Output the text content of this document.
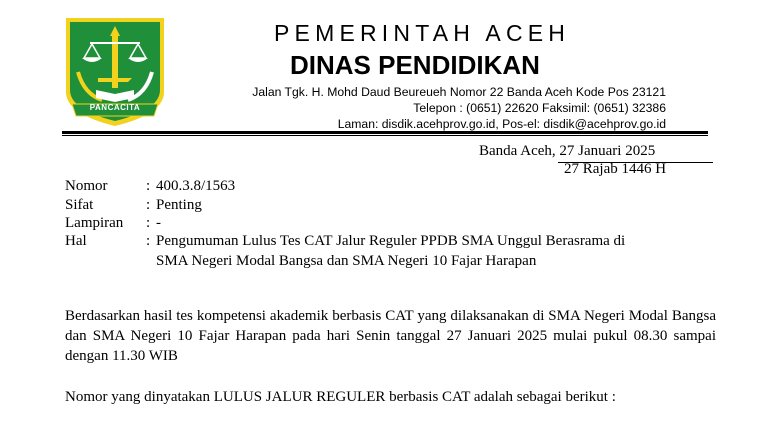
PANCACITA
PEMERINTAH ACEH
DINAS PENDIDIKAN
Jalan Tgk. H. Mohd Daud Beureueh Nomor 22 Banda Aceh Kode Pos 23121
Telepon : (0651) 22620 Faksimil: (0651) 32386
Laman: disdik.acehprov.go.id, Pos-el: disdik@acehprov.go.id
Banda Aceh, 27 Januari 2025
27 Rajab 1446 H
Nomor	: 400.3.8/1563
Sifat	: Penting
Lampiran : -
Hal	: Pengumuman Lulus Tes CAT Jalur Reguler PPDB SMA Unggul Berasrama di
SMA Negeri Modal Bangsa dan SMA Negeri 10 Fajar Harapan
Berdasarkan hasil tes kompetensi akademik berbasis CAT yang dilaksanakan di SMA Negeri Modal Bangsa dan SMA Negeri 10 Fajar Harapan pada hari Senin tanggal 27 Januari 2025 mulai pukul 08.30 sampai dengan 11.30 WIB
Nomor yang dinyatakan LULUS JALUR REGULER berbasis CAT adalah sebagai berikut :
